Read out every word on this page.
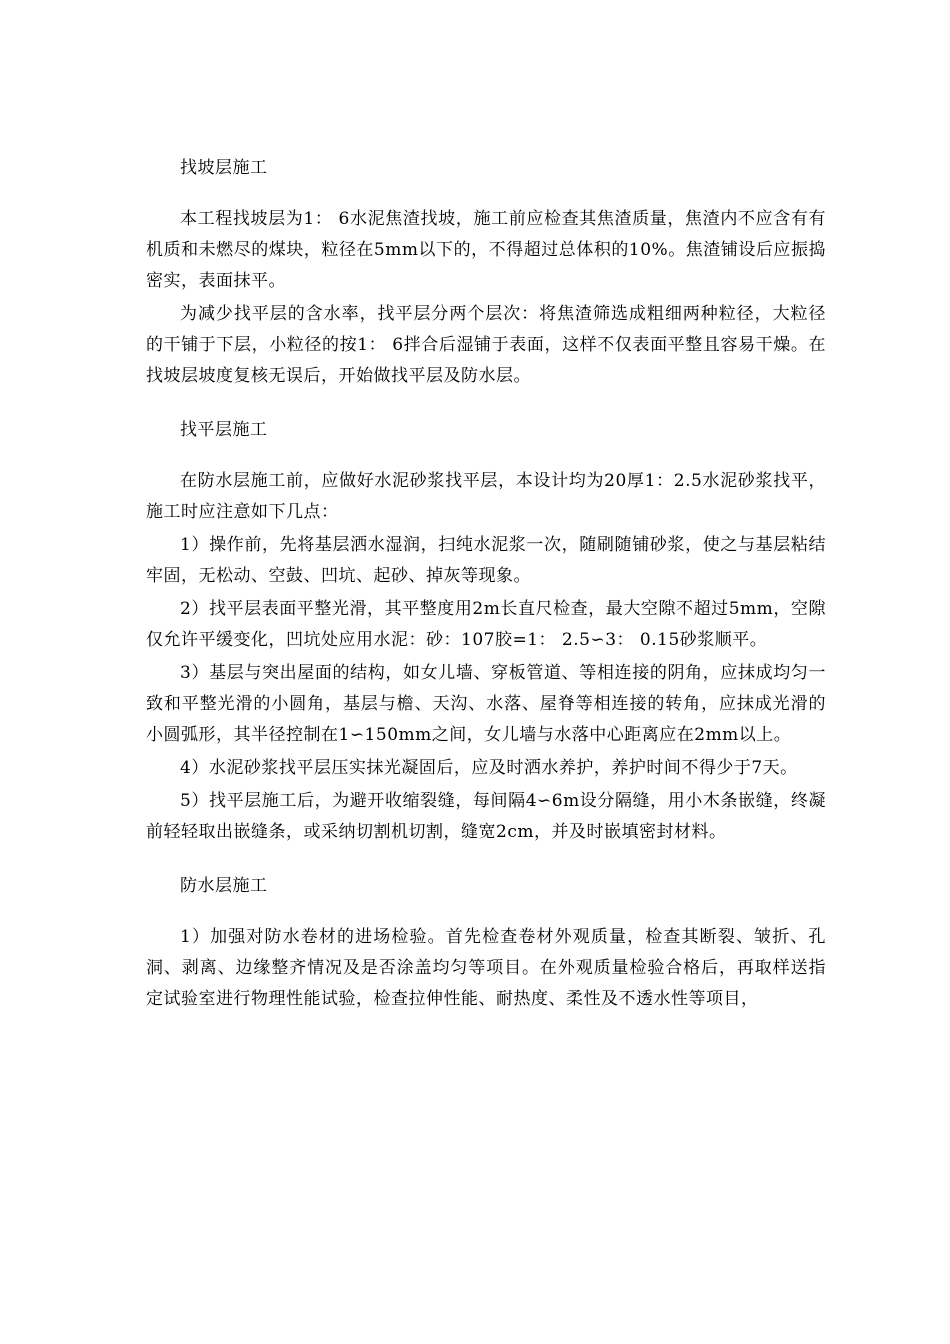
找坡层施工

本工程找坡层为1： 6水泥焦渣找坡，施工前应检查其焦渣质量，焦渣内不应含有有机质和未燃尽的煤块，粒径在5mm以下的，不得超过总体积的10%。焦渣铺设后应振捣密实，表面抹平。

为减少找平层的含水率，找平层分两个层次：将焦渣筛选成粗细两种粒径，大粒径的干铺于下层，小粒径的按1： 6拌合后湿铺于表面，这样不仅表面平整且容易干燥。在找坡层坡度复核无误后，开始做找平层及防水层。

找平层施工

在防水层施工前，应做好水泥砂浆找平层，本设计均为20厚1：2.5水泥砂浆找平，施工时应注意如下几点：

1）操作前，先将基层洒水湿润，扫纯水泥浆一次，随刷随铺砂浆，使之与基层粘结牢固，无松动、空鼓、凹坑、起砂、掉灰等现象。

2）找平层表面平整光滑，其平整度用2m长直尺检查，最大空隙不超过5mm，空隙仅允许平缓变化，凹坑处应用水泥：砂：107胶=1： 2.5∽3： 0.15砂浆顺平。

3）基层与突出屋面的结构，如女儿墙、穿板管道、等相连接的阴角，应抹成均匀一致和平整光滑的小圆角，基层与檐、天沟、水落、屋脊等相连接的转角，应抹成光滑的小圆弧形，其半径控制在1∽150mm之间，女儿墙与水落中心距离应在2mm以上。

4）水泥砂浆找平层压实抹光凝固后，应及时洒水养护，养护时间不得少于7天。

5）找平层施工后，为避开收缩裂缝，每间隔4∽6m设分隔缝，用小木条嵌缝，终凝前轻轻取出嵌缝条，或采纳切割机切割，缝宽2cm，并及时嵌填密封材料。

防水层施工

1）加强对防水卷材的进场检验。首先检查卷材外观质量，检查其断裂、皱折、孔洞、剥离、边缘整齐情况及是否涂盖均匀等项目。在外观质量检验合格后，再取样送指定试验室进行物理性能试验，检查拉伸性能、耐热度、柔性及不透水性等项目，
